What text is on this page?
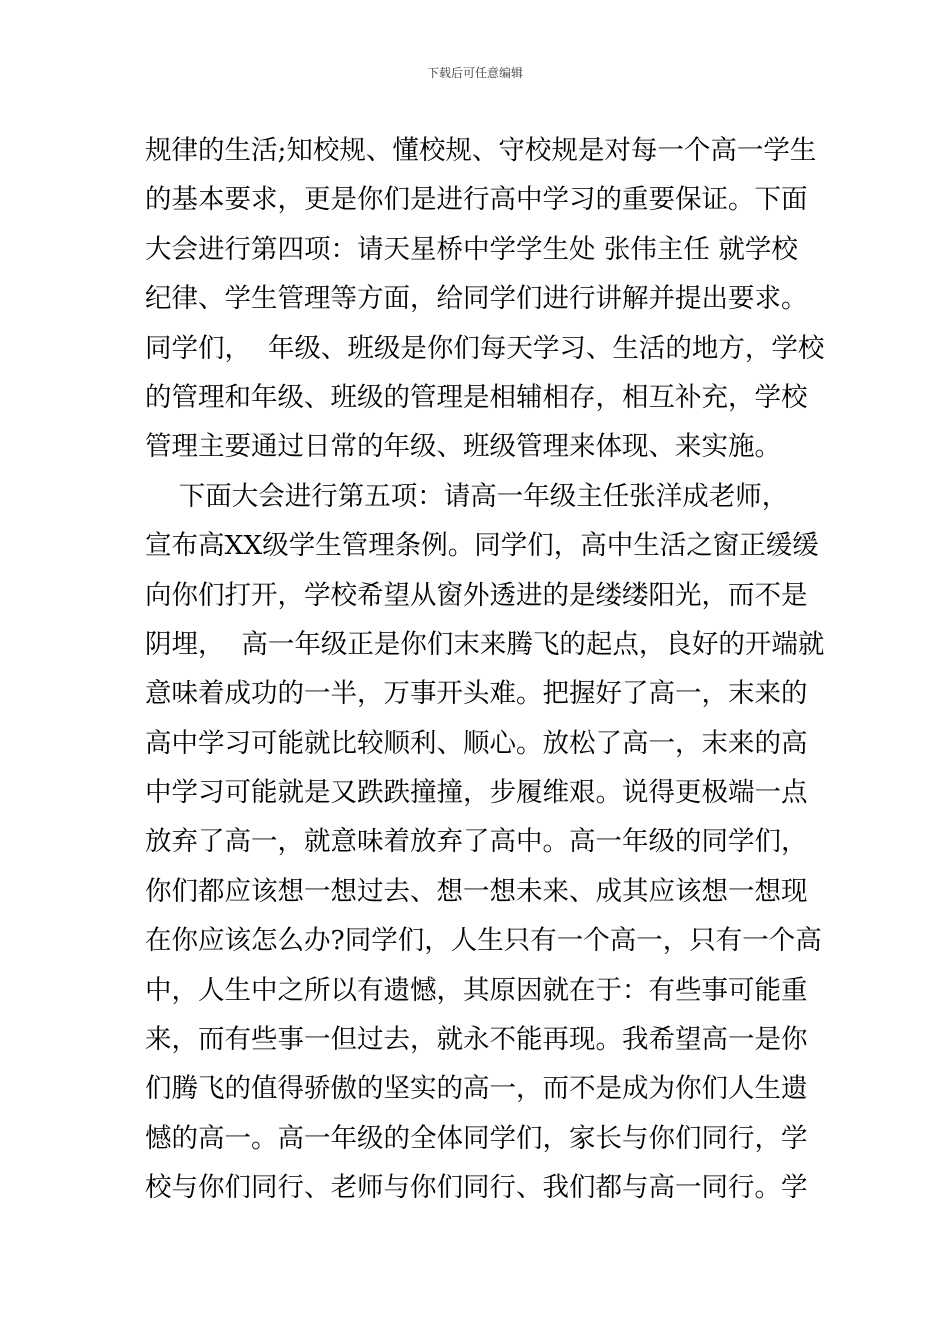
下载后可任意编辑
规律的生活;知校规、懂校规、守校规是对每一个高一学生
的基本要求，更是你们是进行高中学习的重要保证。下面
大会进行第四项：请天星桥中学学生处 张伟主任 就学校
纪律、学生管理等方面，给同学们进行讲解并提出要求。
同学们，  年级、班级是你们每天学习、生活的地方，学校
的管理和年级、班级的管理是相辅相存，相互补充，学校
管理主要通过日常的年级、班级管理来体现、来实施。
下面大会进行第五项：请高一年级主任张洋成老师，
宣布高XX级学生管理条例。同学们，高中生活之窗正缓缓
向你们打开，学校希望从窗外透进的是缕缕阳光，而不是
阴埋，  高一年级正是你们末来腾飞的起点，良好的开端就
意味着成功的一半，万事开头难。把握好了高一，末来的
高中学习可能就比较顺利、顺心。放松了高一，末来的高
中学习可能就是又跌跌撞撞，步履维艰。说得更极端一点
放弃了高一，就意味着放弃了高中。高一年级的同学们，
你们都应该想一想过去、想一想未来、成其应该想一想现
在你应该怎么办?同学们，人生只有一个高一，只有一个高
中，人生中之所以有遗憾，其原因就在于：有些事可能重
来，而有些事一但过去，就永不能再现。我希望高一是你
们腾飞的值得骄傲的坚实的高一，而不是成为你们人生遗
憾的高一。高一年级的全体同学们，家长与你们同行，学
校与你们同行、老师与你们同行、我们都与高一同行。学
